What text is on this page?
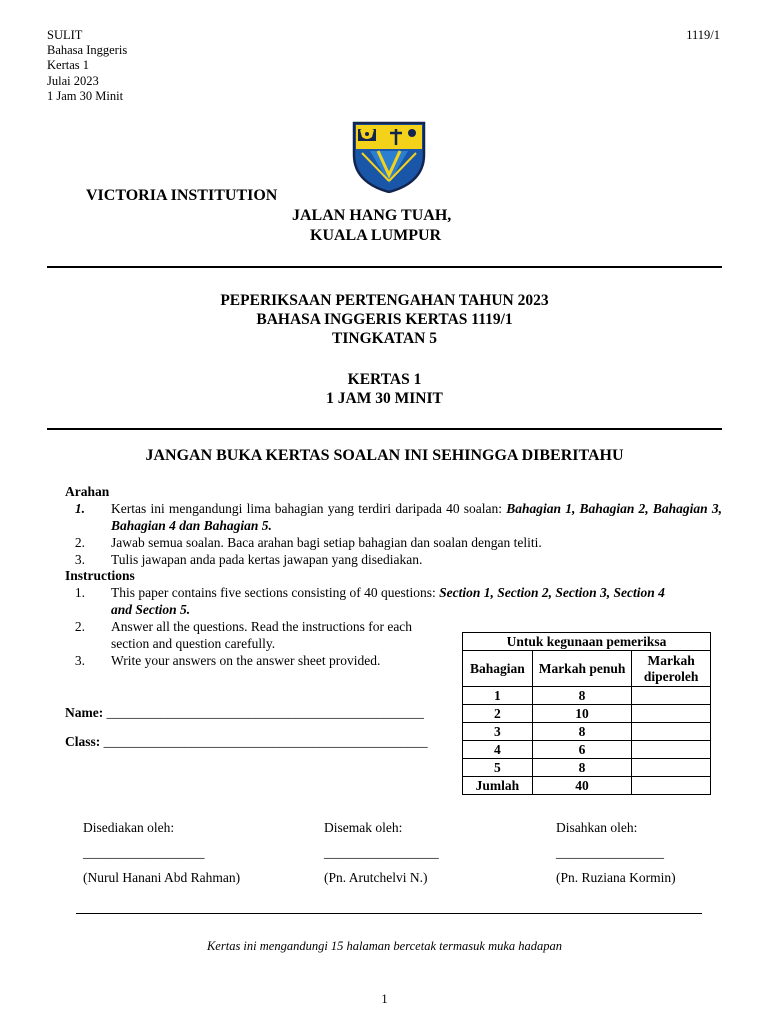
SULIT
Bahasa Inggeris
Kertas 1
Julai 2023
1 Jam 30 Minit
1119/1
VICTORIA INSTITUTION
JALAN HANG TUAH,
KUALA LUMPUR
PEPERIKSAAN PERTENGAHAN TAHUN 2023
BAHASA INGGERIS KERTAS 1119/1
TINGKATAN 5
KERTAS 1
1 JAM 30 MINIT
JANGAN BUKA KERTAS SOALAN INI SEHINGGA DIBERITAHU
Arahan
1. Kertas ini mengandungi lima bahagian yang terdiri daripada 40 soalan: Bahagian 1, Bahagian 2, Bahagian 3, Bahagian 4 dan Bahagian 5.
2. Jawab semua soalan. Baca arahan bagi setiap bahagian dan soalan dengan teliti.
3. Tulis jawapan anda pada kertas jawapan yang disediakan.
Instructions
1. This paper contains five sections consisting of 40 questions: Section 1, Section 2, Section 3, Section 4 and Section 5.
2. Answer all the questions. Read the instructions for each section and question carefully.
3. Write your answers on the answer sheet provided.
Name: _______________________________________________
Class: ________________________________________________
Untuk kegunaan pemeriksa		
Bahagian	Markah penuh	Markah diperoleh
1	8	
2	10	
3	8	
4	6	
5	8	
Jumlah	40	
Disediakan oleh:
__________________
(Nurul Hanani Abd Rahman)
Disemak oleh:
_________________
(Pn. Arutchelvi N.)
Disahkan oleh:
________________
(Pn. Ruziana Kormin)
Kertas ini mengandungi 15 halaman bercetak termasuk muka hadapan
1
